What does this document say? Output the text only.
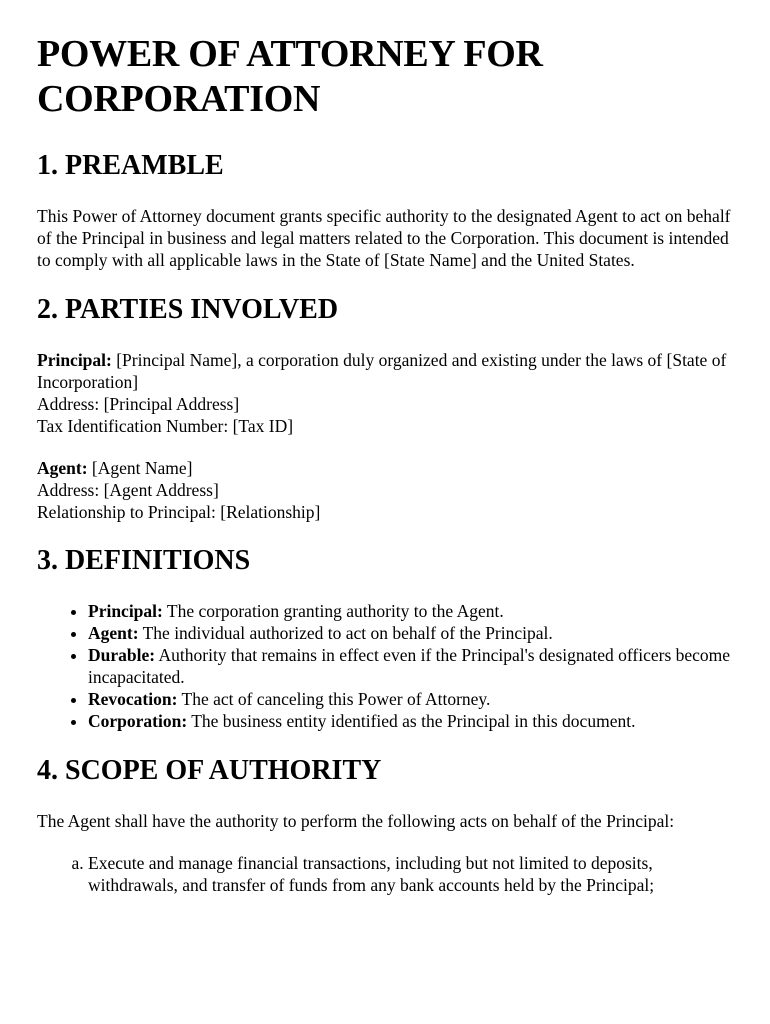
POWER OF ATTORNEY FOR CORPORATION
1. PREAMBLE

This Power of Attorney document grants specific authority to the designated Agent to act on behalf of the Principal in business and legal matters related to the Corporation. This document is intended to comply with all applicable laws in the State of [State Name] and the United States.

2. PARTIES INVOLVED

Principal: [Principal Name], a corporation duly organized and existing under the laws of [State of Incorporation]
Address: [Principal Address]
Tax Identification Number: [Tax ID]

Agent: [Agent Name]
Address: [Agent Address]
Relationship to Principal: [Relationship]

3. DEFINITIONS
• Principal: The corporation granting authority to the Agent.
• Agent: The individual authorized to act on behalf of the Principal.
• Durable: Authority that remains in effect even if the Principal's designated officers become incapacitated.
• Revocation: The act of canceling this Power of Attorney.
• Corporation: The business entity identified as the Principal in this document.
4. SCOPE OF AUTHORITY

The Agent shall have the authority to perform the following acts on behalf of the Principal:

a. Execute and manage financial transactions, including but not limited to deposits, withdrawals, and transfer of funds from any bank accounts held by the Principal;
